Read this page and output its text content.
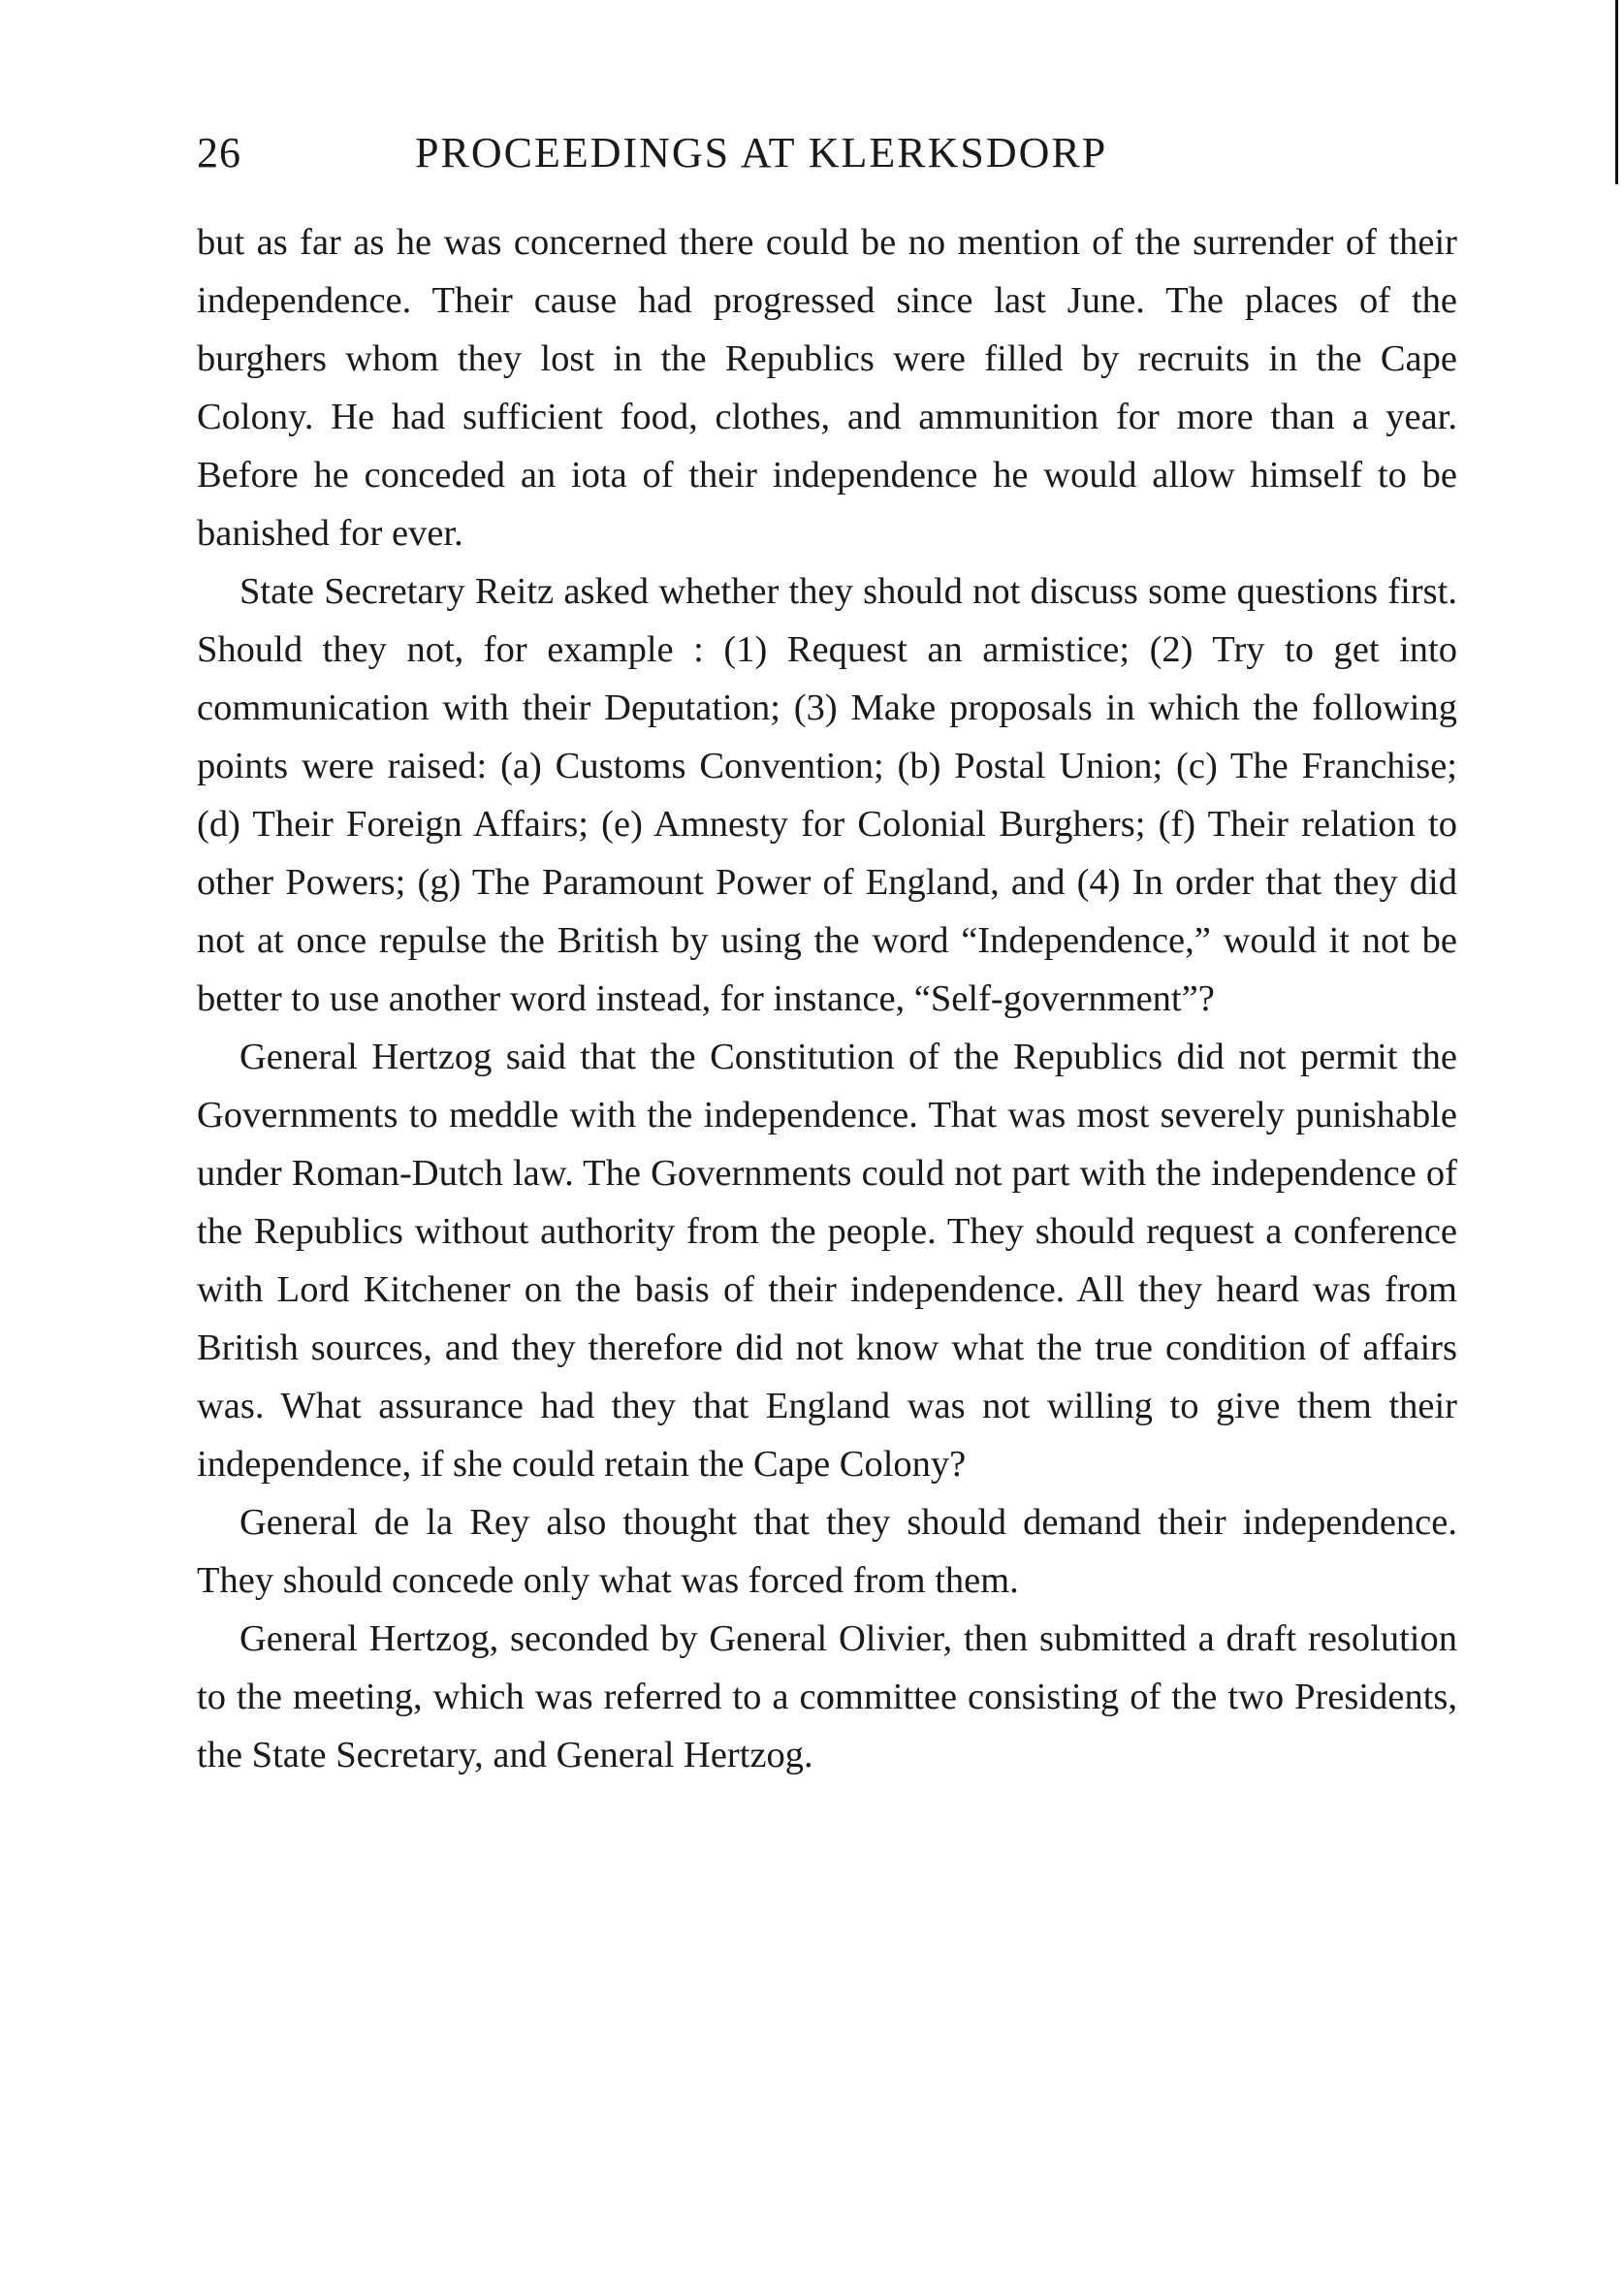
26	PROCEEDINGS AT KLERKSDORP

but as far as he was concerned there could be no mention of the surrender of their independence. Their cause had progressed since last June. The places of the burghers whom they lost in the Republics were filled by recruits in the Cape Colony. He had sufficient food, clothes, and ammunition for more than a year. Before he conceded an iota of their independence he would allow himself to be banished for ever.

State Secretary Reitz asked whether they should not discuss some questions first. Should they not, for example : (1) Request an armistice; (2) Try to get into communication with their Deputation; (3) Make proposals in which the following points were raised: (a) Customs Convention; (b) Postal Union; (c) The Franchise; (d) Their Foreign Affairs; (e) Amnesty for Colonial Burghers; (f) Their relation to other Powers; (g) The Paramount Power of England, and (4) In order that they did not at once repulse the British by using the word “Independence,” would it not be better to use another word instead, for instance, “Self-government”?

General Hertzog said that the Constitution of the Republics did not permit the Governments to meddle with the independence. That was most severely punishable under Roman-Dutch law. The Governments could not part with the independence of the Republics without authority from the people. They should request a conference with Lord Kitchener on the basis of their independence. All they heard was from British sources, and they therefore did not know what the true condition of affairs was. What assurance had they that England was not willing to give them their independence, if she could retain the Cape Colony?

General de la Rey also thought that they should demand their independence. They should concede only what was forced from them.

General Hertzog, seconded by General Olivier, then submitted a draft resolution to the meeting, which was referred to a committee consisting of the two Presidents, the State Secretary, and General Hertzog.
